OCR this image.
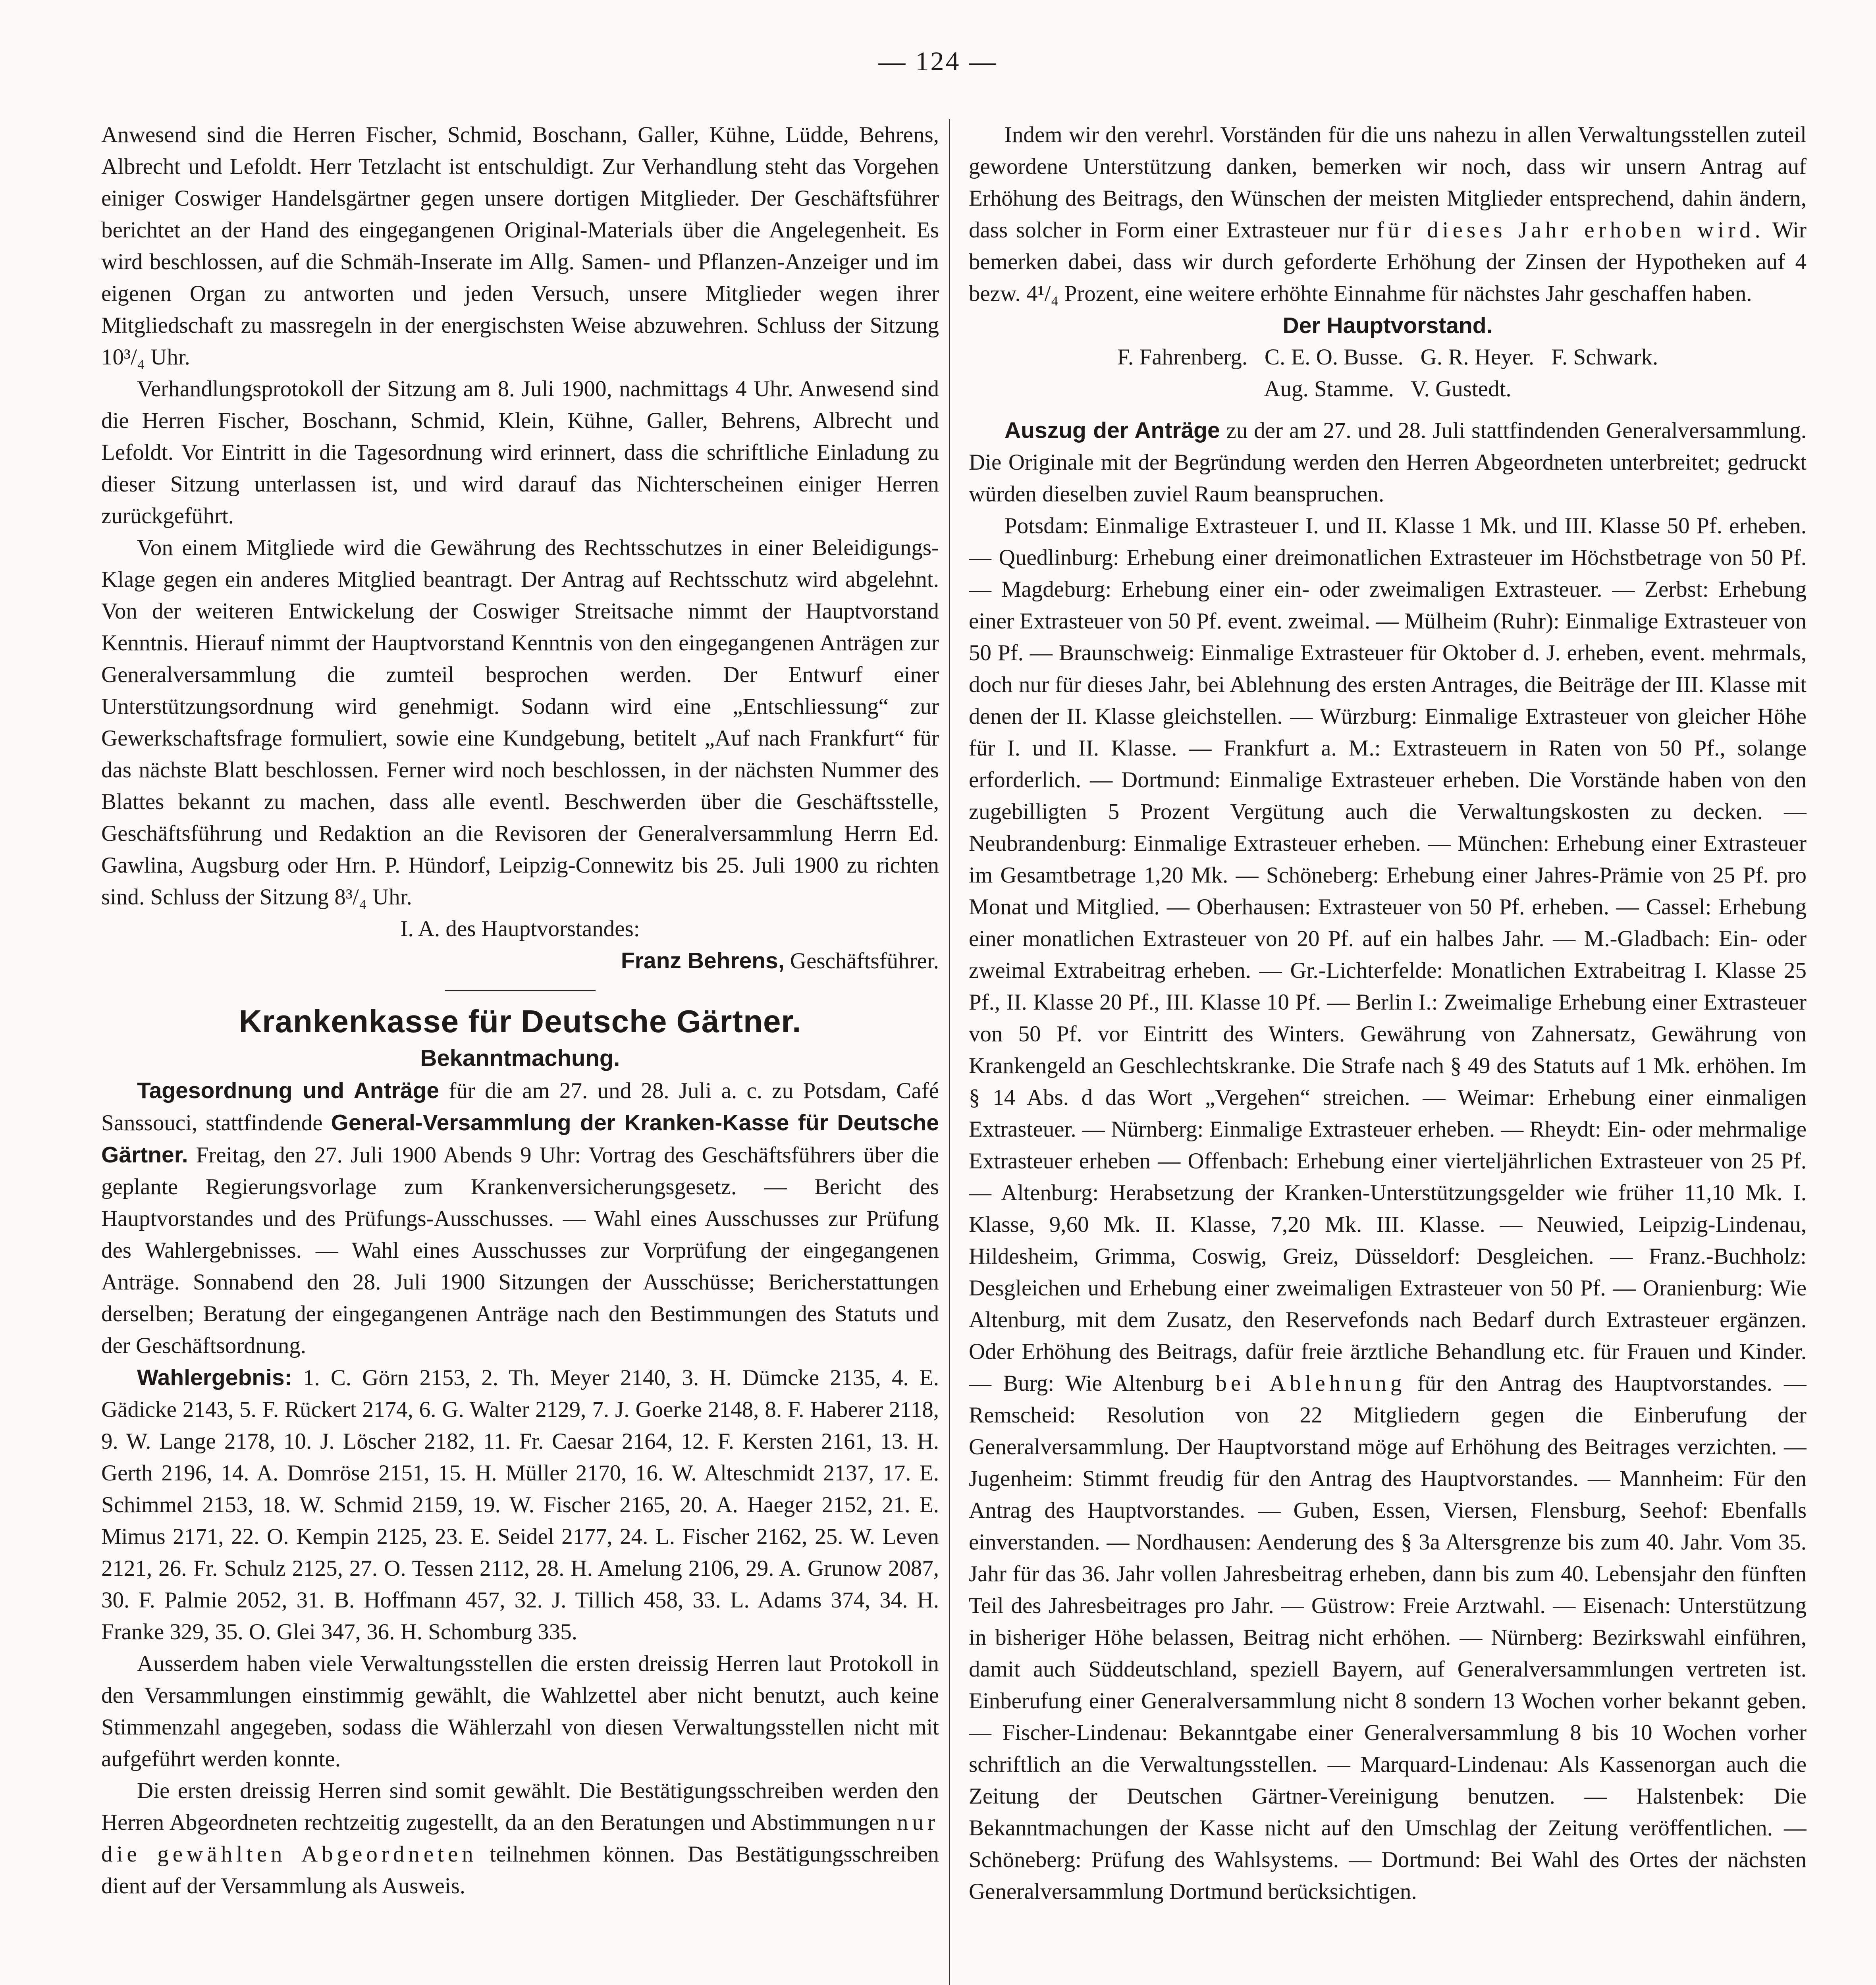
— 124 —

Anwesend sind die Herren Fischer, Schmid, Boschann, Galler, Kühne, Lüdde, Behrens, Albrecht und Lefoldt. Herr Tetzlacht ist entschuldigt. Zur Verhandlung steht das Vorgehen einiger Coswiger Handelsgärtner gegen unsere dortigen Mitglieder. Der Geschäftsführer berichtet an der Hand des eingegangenen Original-Materials über die Angelegenheit. Es wird beschlossen, auf die Schmäh-Inserate im Allg. Samen- und Pflanzen-Anzeiger und im eigenen Organ zu antworten und jeden Versuch, unsere Mitglieder wegen ihrer Mitgliedschaft zu massregeln in der energischsten Weise abzuwehren. Schluss der Sitzung 10³/₄ Uhr.

Verhandlungsprotokoll der Sitzung am 8. Juli 1900, nachmittags 4 Uhr. Anwesend sind die Herren Fischer, Boschann, Schmid, Klein, Kühne, Galler, Behrens, Albrecht und Lefoldt. Vor Eintritt in die Tagesordnung wird erinnert, dass die schriftliche Einladung zu dieser Sitzung unterlassen ist, und wird darauf das Nichterscheinen einiger Herren zurückgeführt.

Von einem Mitgliede wird die Gewährung des Rechtsschutzes in einer Beleidigungs-Klage gegen ein anderes Mitglied beantragt. Der Antrag auf Rechtsschutz wird abgelehnt. Von der weiteren Entwickelung der Coswiger Streitsache nimmt der Hauptvorstand Kenntnis. Hierauf nimmt der Hauptvorstand Kenntnis von den eingegangenen Anträgen zur Generalversammlung die zumteil besprochen werden. Der Entwurf einer Unterstützungsordnung wird genehmigt. Sodann wird eine „Entschliessung“ zur Gewerkschaftsfrage formuliert, sowie eine Kundgebung, betitelt „Auf nach Frankfurt“ für das nächste Blatt beschlossen. Ferner wird noch beschlossen, in der nächsten Nummer des Blattes bekannt zu machen, dass alle eventl. Beschwerden über die Geschäftsstelle, Geschäftsführung und Redaktion an die Revisoren der Generalversammlung Herrn Ed. Gawlina, Augsburg oder Hrn. P. Hündorf, Leipzig-Connewitz bis 25. Juli 1900 zu richten sind. Schluss der Sitzung 8³/₄ Uhr.

I. A. des Hauptvorstandes:

Franz Behrens, Geschäftsführer.

Krankenkasse für Deutsche Gärtner.
Bekanntmachung.

Tagesordnung und Anträge für die am 27. und 28. Juli a. c. zu Potsdam, Café Sanssouci, stattfindende General-Versammlung der Kranken-Kasse für Deutsche Gärtner. Freitag, den 27. Juli 1900 Abends 9 Uhr: Vortrag des Geschäftsführers über die geplante Regierungsvorlage zum Krankenversicherungsgesetz. — Bericht des Hauptvorstandes und des Prüfungs-Ausschusses. — Wahl eines Ausschusses zur Prüfung des Wahlergebnisses. — Wahl eines Ausschusses zur Vorprüfung der eingegangenen Anträge. Sonnabend den 28. Juli 1900 Sitzungen der Ausschüsse; Bericherstattungen derselben; Beratung der eingegangenen Anträge nach den Bestimmungen des Statuts und der Geschäftsordnung.

Wahlergebnis: 1. C. Görn 2153, 2. Th. Meyer 2140, 3. H. Dümcke 2135, 4. E. Gädicke 2143, 5. F. Rückert 2174, 6. G. Walter 2129, 7. J. Goerke 2148, 8. F. Haberer 2118, 9. W. Lange 2178, 10. J. Löscher 2182, 11. Fr. Caesar 2164, 12. F. Kersten 2161, 13. H. Gerth 2196, 14. A. Domröse 2151, 15. H. Müller 2170, 16. W. Alteschmidt 2137, 17. E. Schimmel 2153, 18. W. Schmid 2159, 19. W. Fischer 2165, 20. A. Haeger 2152, 21. E. Mimus 2171, 22. O. Kempin 2125, 23. E. Seidel 2177, 24. L. Fischer 2162, 25. W. Leven 2121, 26. Fr. Schulz 2125, 27. O. Tessen 2112, 28. H. Amelung 2106, 29. A. Grunow 2087, 30. F. Palmie 2052, 31. B. Hoffmann 457, 32. J. Tillich 458, 33. L. Adams 374, 34. H. Franke 329, 35. O. Glei 347, 36. H. Schomburg 335.

Ausserdem haben viele Verwaltungsstellen die ersten dreissig Herren laut Protokoll in den Versammlungen einstimmig gewählt, die Wahlzettel aber nicht benutzt, auch keine Stimmenzahl angegeben, sodass die Wählerzahl von diesen Verwaltungsstellen nicht mit aufgeführt werden konnte.

Die ersten dreissig Herren sind somit gewählt. Die Bestätigungsschreiben werden den Herren Abgeordneten rechtzeitig zugestellt, da an den Beratungen und Abstimmungen nur die gewählten Abgeordneten teilnehmen können. Das Bestätigungsschreiben dient auf der Versammlung als Ausweis.

Indem wir den verehrl. Vorständen für die uns nahezu in allen Verwaltungsstellen zuteil gewordene Unterstützung danken, bemerken wir noch, dass wir unsern Antrag auf Erhöhung des Beitrags, den Wünschen der meisten Mitglieder entsprechend, dahin ändern, dass solcher in Form einer Extrasteuer nur für dieses Jahr erhoben wird. Wir bemerken dabei, dass wir durch geforderte Erhöhung der Zinsen der Hypotheken auf 4 bezw. 4¹/₄ Prozent, eine weitere erhöhte Einnahme für nächstes Jahr geschaffen haben.

Der Hauptvorstand.

F. Fahrenberg.   C. E. O. Busse.   G. R. Heyer.   F. Schwark.

Aug. Stamme.   V. Gustedt.

Auszug der Anträge zu der am 27. und 28. Juli stattfindenden Generalversammlung. Die Originale mit der Begründung werden den Herren Abgeordneten unterbreitet; gedruckt würden dieselben zuviel Raum beanspruchen.

Potsdam: Einmalige Extrasteuer I. und II. Klasse 1 Mk. und III. Klasse 50 Pf. erheben. — Quedlinburg: Erhebung einer dreimonatlichen Extrasteuer im Höchstbetrage von 50 Pf. — Magdeburg: Erhebung einer ein- oder zweimaligen Extrasteuer. — Zerbst: Erhebung einer Extrasteuer von 50 Pf. event. zweimal. — Mülheim (Ruhr): Einmalige Extrasteuer von 50 Pf. — Braunschweig: Einmalige Extrasteuer für Oktober d. J. erheben, event. mehrmals, doch nur für dieses Jahr, bei Ablehnung des ersten Antrages, die Beiträge der III. Klasse mit denen der II. Klasse gleichstellen. — Würzburg: Einmalige Extrasteuer von gleicher Höhe für I. und II. Klasse. — Frankfurt a. M.: Extrasteuern in Raten von 50 Pf., solange erforderlich. — Dortmund: Einmalige Extrasteuer erheben. Die Vorstände haben von den zugebilligten 5 Prozent Vergütung auch die Verwaltungskosten zu decken. — Neubrandenburg: Einmalige Extrasteuer erheben. — München: Erhebung einer Extrasteuer im Gesamtbetrage 1,20 Mk. — Schöneberg: Erhebung einer Jahres-Prämie von 25 Pf. pro Monat und Mitglied. — Oberhausen: Extrasteuer von 50 Pf. erheben. — Cassel: Erhebung einer monatlichen Extrasteuer von 20 Pf. auf ein halbes Jahr. — M.-Gladbach: Ein- oder zweimal Extrabeitrag erheben. — Gr.-Lichterfelde: Monatlichen Extrabeitrag I. Klasse 25 Pf., II. Klasse 20 Pf., III. Klasse 10 Pf. — Berlin I.: Zweimalige Erhebung einer Extrasteuer von 50 Pf. vor Eintritt des Winters. Gewährung von Zahnersatz, Gewährung von Krankengeld an Geschlechtskranke. Die Strafe nach § 49 des Statuts auf 1 Mk. erhöhen. Im § 14 Abs. d das Wort „Vergehen“ streichen. — Weimar: Erhebung einer einmaligen Extrasteuer. — Nürnberg: Einmalige Extrasteuer erheben. — Rheydt: Ein- oder mehrmalige Extrasteuer erheben — Offenbach: Erhebung einer vierteljährlichen Extrasteuer von 25 Pf. — Altenburg: Herabsetzung der Kranken-Unterstützungsgelder wie früher 11,10 Mk. I. Klasse, 9,60 Mk. II. Klasse, 7,20 Mk. III. Klasse. — Neuwied, Leipzig-Lindenau, Hildesheim, Grimma, Coswig, Greiz, Düsseldorf: Desgleichen. — Franz.-Buchholz: Desgleichen und Erhebung einer zweimaligen Extrasteuer von 50 Pf. — Oranienburg: Wie Altenburg, mit dem Zusatz, den Reservefonds nach Bedarf durch Extrasteuer ergänzen. Oder Erhöhung des Beitrags, dafür freie ärztliche Behandlung etc. für Frauen und Kinder. — Burg: Wie Altenburg bei Ablehnung für den Antrag des Hauptvorstandes. — Remscheid: Resolution von 22 Mitgliedern gegen die Einberufung der Generalversammlung. Der Hauptvorstand möge auf Erhöhung des Beitrages verzichten. — Jugenheim: Stimmt freudig für den Antrag des Hauptvorstandes. — Mannheim: Für den Antrag des Hauptvorstandes. — Guben, Essen, Viersen, Flensburg, Seehof: Ebenfalls einverstanden. — Nordhausen: Aenderung des § 3a Altersgrenze bis zum 40. Jahr. Vom 35. Jahr für das 36. Jahr vollen Jahresbeitrag erheben, dann bis zum 40. Lebensjahr den fünften Teil des Jahresbeitrages pro Jahr. — Güstrow: Freie Arztwahl. — Eisenach: Unterstützung in bisheriger Höhe belassen, Beitrag nicht erhöhen. — Nürnberg: Bezirkswahl einführen, damit auch Süddeutschland, speziell Bayern, auf Generalversammlungen vertreten ist. Einberufung einer Generalversammlung nicht 8 sondern 13 Wochen vorher bekannt geben. — Fischer-Lindenau: Bekanntgabe einer Generalversammlung 8 bis 10 Wochen vorher schriftlich an die Verwaltungsstellen. — Marquard-Lindenau: Als Kassenorgan auch die Zeitung der Deutschen Gärtner-Vereinigung benutzen. — Halstenbek: Die Bekanntmachungen der Kasse nicht auf den Umschlag der Zeitung veröffentlichen. — Schöneberg: Prüfung des Wahlsystems. — Dortmund: Bei Wahl des Ortes der nächsten Generalversammlung Dortmund berücksichtigen.
